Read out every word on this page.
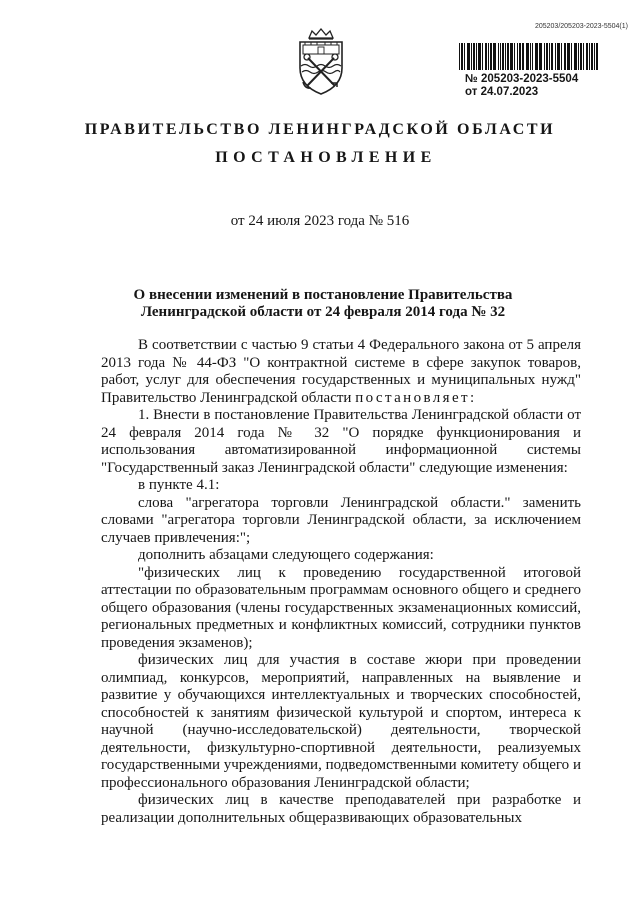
205203/205203-2023-5504(1)
№ 205203-2023-5504
от 24.07.2023
ПРАВИТЕЛЬСТВО ЛЕНИНГРАДСКОЙ ОБЛАСТИ
ПОСТАНОВЛЕНИЕ
от 24 июля 2023 года № 516
О внесении изменений в постановление Правительства
Ленинградской области от 24 февраля 2014 года № 32

В соответствии с частью 9 статьи 4 Федерального закона от 5 апреля 2013 года № 44-ФЗ "О контрактной системе в сфере закупок товаров, работ, услуг для обеспечения государственных и муниципальных нужд" Правительство Ленинградской области постановляет:

1. Внести в постановление Правительства Ленинградской области от 24 февраля 2014 года № 32 "О порядке функционирования и использования автоматизированной информационной системы "Государственный заказ Ленинградской области" следующие изменения:

в пункте 4.1:

слова "агрегатора торговли Ленинградской области." заменить словами "агрегатора торговли Ленинградской области, за исключением случаев привлечения:";

дополнить абзацами следующего содержания:

"физических лиц к проведению государственной итоговой аттестации по образовательным программам основного общего и среднего общего образования (члены государственных экзаменационных комиссий, региональных предметных и конфликтных комиссий, сотрудники пунктов проведения экзаменов);

физических лиц для участия в составе жюри при проведении олимпиад, конкурсов, мероприятий, направленных на выявление и развитие у обучающихся интеллектуальных и творческих способностей, способностей к занятиям физической культурой и спортом, интереса к научной (научно-исследовательской) деятельности, творческой деятельности, физкультурно-спортивной деятельности, реализуемых государственными учреждениями, подведомственными комитету общего и профессионального образования Ленинградской области;

физических лиц в качестве преподавателей при разработке и реализации дополнительных общеразвивающих образовательных
